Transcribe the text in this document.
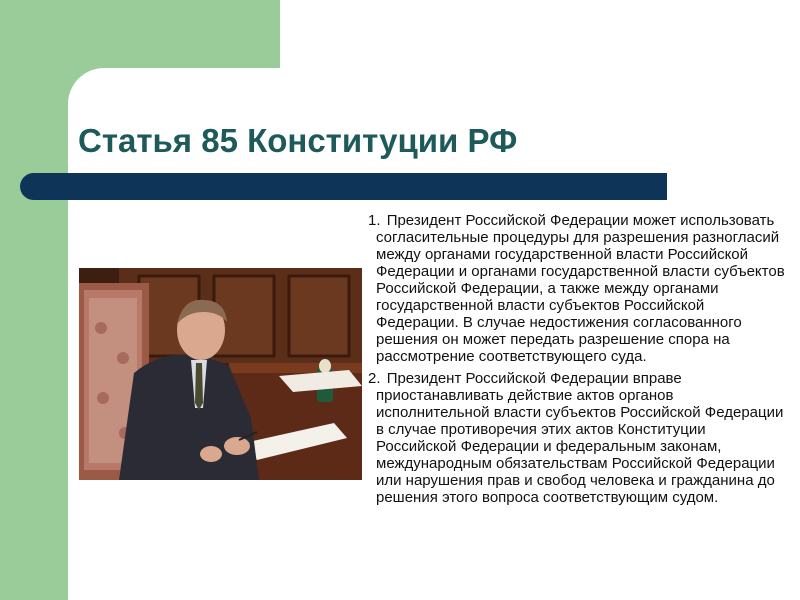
Статья 85 Конституции РФ

1. Президент Российской Федерации может использовать согласительные процедуры для разрешения разногласий между органами государственной власти Российской Федерации и органами государственной власти субъектов Российской Федерации, а также между органами государственной власти субъектов Российской Федерации. В случае недостижения согласованного решения он может передать разрешение спора на рассмотрение соответствующего суда.

2. Президент Российской Федерации вправе приостанавливать действие актов органов исполнительной власти субъектов Российской Федерации в случае противоречия этих актов Конституции Российской Федерации и федеральным законам, международным обязательствам Российской Федерации или нарушения прав и свобод человека и гражданина до решения этого вопроса соответствующим судом.
